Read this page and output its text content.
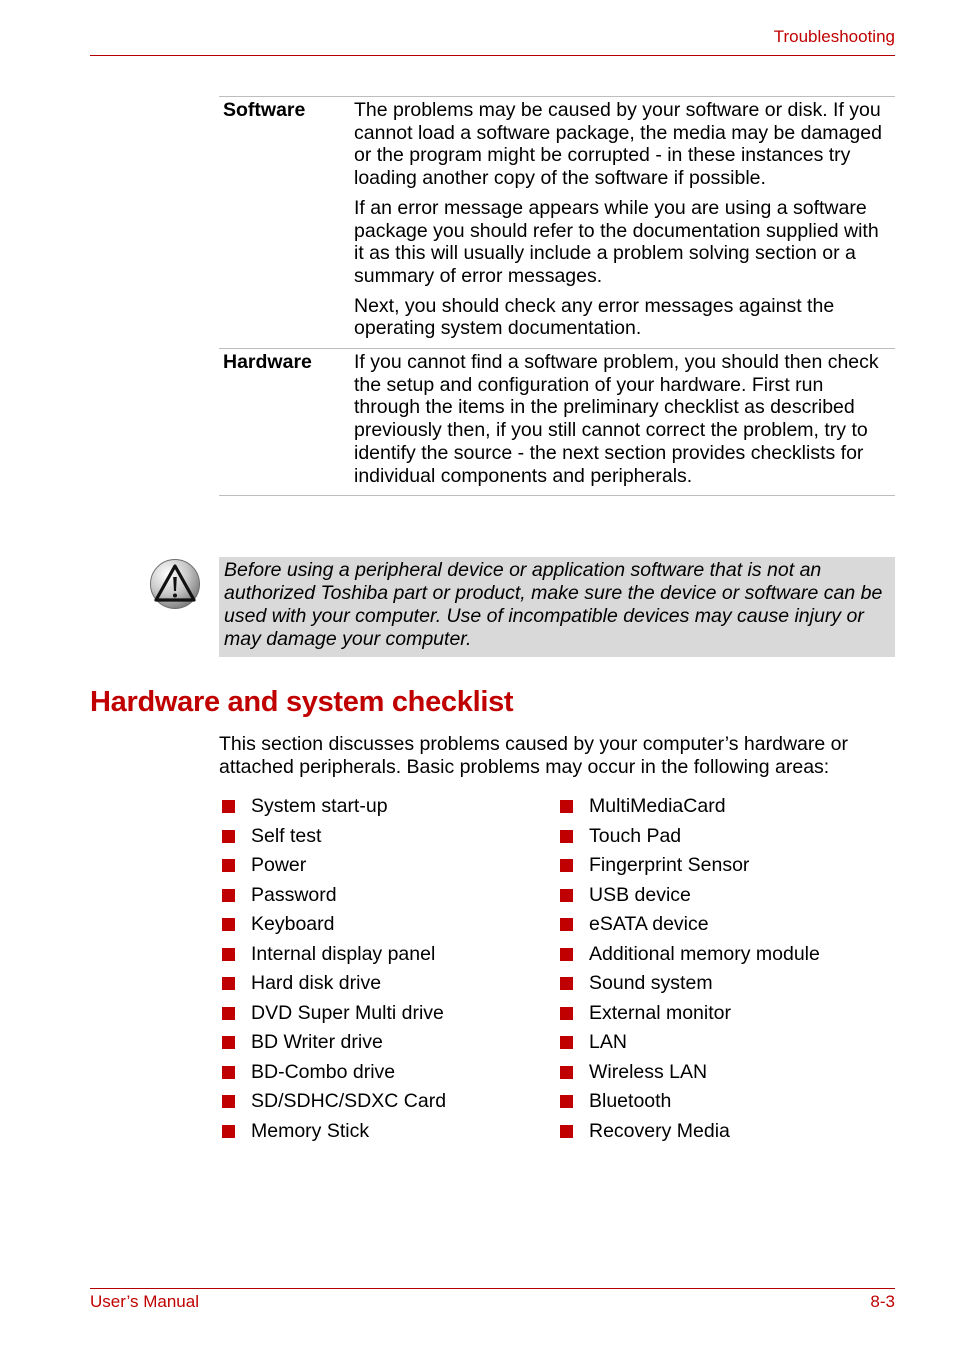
Troubleshooting
Software	The problems may be caused by your software or disk. If you cannot load a software package, the media may be damaged or the program might be corrupted - in these instances try loading another copy of the software if possible.

If an error message appears while you are using a software package you should refer to the documentation supplied with it as this will usually include a problem solving section or a summary of error messages.

Next, you should check any error messages against the operating system documentation.

Hardware	If you cannot find a software problem, you should then check the setup and configuration of your hardware. First run through the items in the preliminary checklist as described previously then, if you still cannot correct the problem, try to identify the source - the next section provides checklists for individual components and peripherals.

Before using a peripheral device or application software that is not an authorized Toshiba part or product, make sure the device or software can be used with your computer. Use of incompatible devices may cause injury or may damage your computer.
Hardware and system checklist
This section discusses problems caused by your computer’s hardware or attached peripherals. Basic problems may occur in the following areas:
System start-up
Self test
Power
Password
Keyboard
Internal display panel
Hard disk drive
DVD Super Multi drive
BD Writer drive
BD-Combo drive
SD/SDHC/SDXC Card
Memory Stick
MultiMediaCard
Touch Pad
Fingerprint Sensor
USB device
eSATA device
Additional memory module
Sound system
External monitor
LAN
Wireless LAN
Bluetooth
Recovery Media
User’s Manual	8-3
